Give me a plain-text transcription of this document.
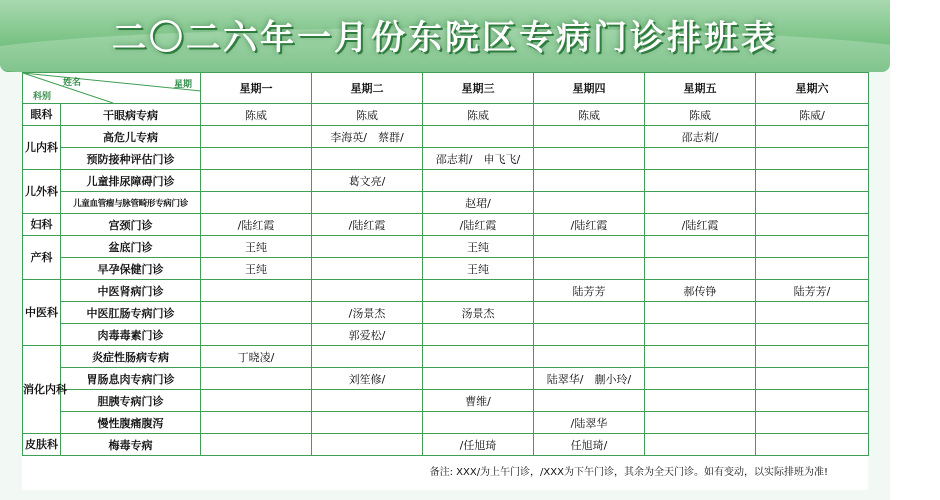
二〇二六年一月份东院区专病门诊排班表
姓名 星期
科别		星期一	星期二	星期三	星期四	星期五	星期六
眼科	干眼病专病	陈威	陈威	陈威	陈威	陈威	陈威/
儿内科	高危儿专病		李海英/　蔡群/			邵志莉/	
	预防接种评估门诊			邵志莉/　申飞飞/			
儿外科	儿童排尿障碍门诊		葛文亮/				
	儿童血管瘤与脉管畸形专病门诊			赵珺/			
妇科	宫颈门诊	/陆红霞	/陆红霞	/陆红霞	/陆红霞	/陆红霞	
产科	盆底门诊	王纯		王纯			
	早孕保健门诊	王纯		王纯			
中医科	中医肾病门诊				陆芳芳	郝传铮	陆芳芳/
	中医肛肠专病门诊		/汤景杰	汤景杰			
	肉毒毒素门诊		郭爱松/				
消化内科	炎症性肠病专病	丁晓凌/					
	胃肠息肉专病门诊		刘笙修/		陆翠华/　蒯小玲/		
	胆胰专病门诊			曹维/			
	慢性腹痛腹泻				/陆翠华		
皮肤科	梅毒专病			/任旭琦	任旭琦/		
备注: XXX/为上午门诊，/XXX为下午门诊，其余为全天门诊。如有变动，以实际排班为准!
